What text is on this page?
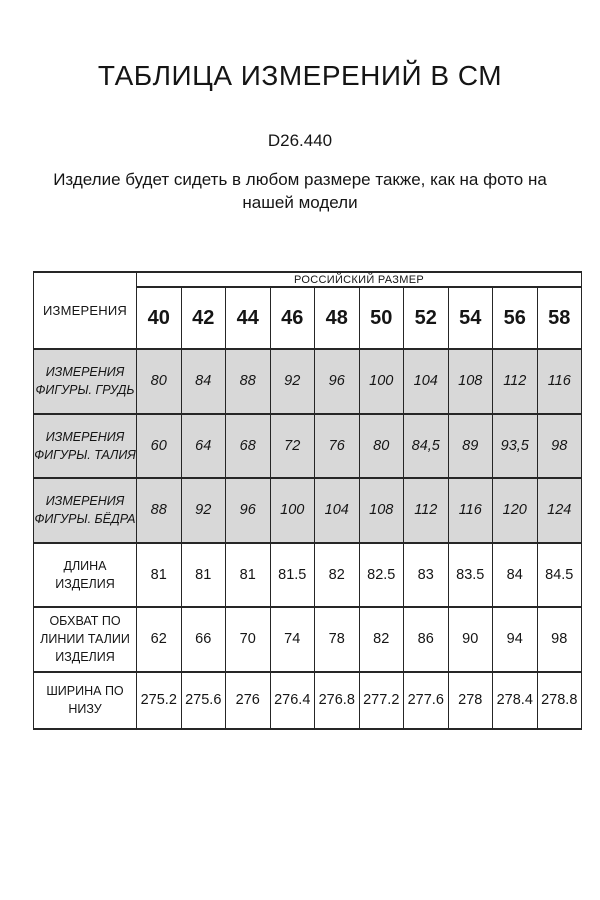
ТАБЛИЦА ИЗМЕРЕНИЙ В СМ
D26.440

Изделие будет сидеть в любом размере также, как на фото на нашей модели

ИЗМЕРЕНИЯ	РОССИЙСКИЙ РАЗМЕР									
	40	42	44	46	48	50	52	54	56	58
ИЗМЕРЕНИЯ ФИГУРЫ. ГРУДЬ	80	84	88	92	96	100	104	108	112	116
ИЗМЕРЕНИЯ ФИГУРЫ. ТАЛИЯ	60	64	68	72	76	80	84,5	89	93,5	98
ИЗМЕРЕНИЯ ФИГУРЫ. БЁДРА	88	92	96	100	104	108	112	116	120	124
ДЛИНА ИЗДЕЛИЯ	81	81	81	81.5	82	82.5	83	83.5	84	84.5
ОБХВАТ ПО ЛИНИИ ТАЛИИ ИЗДЕЛИЯ	62	66	70	74	78	82	86	90	94	98
ШИРИНА ПО НИЗУ	275.2	275.6	276	276.4	276.8	277.2	277.6	278	278.4	278.8
